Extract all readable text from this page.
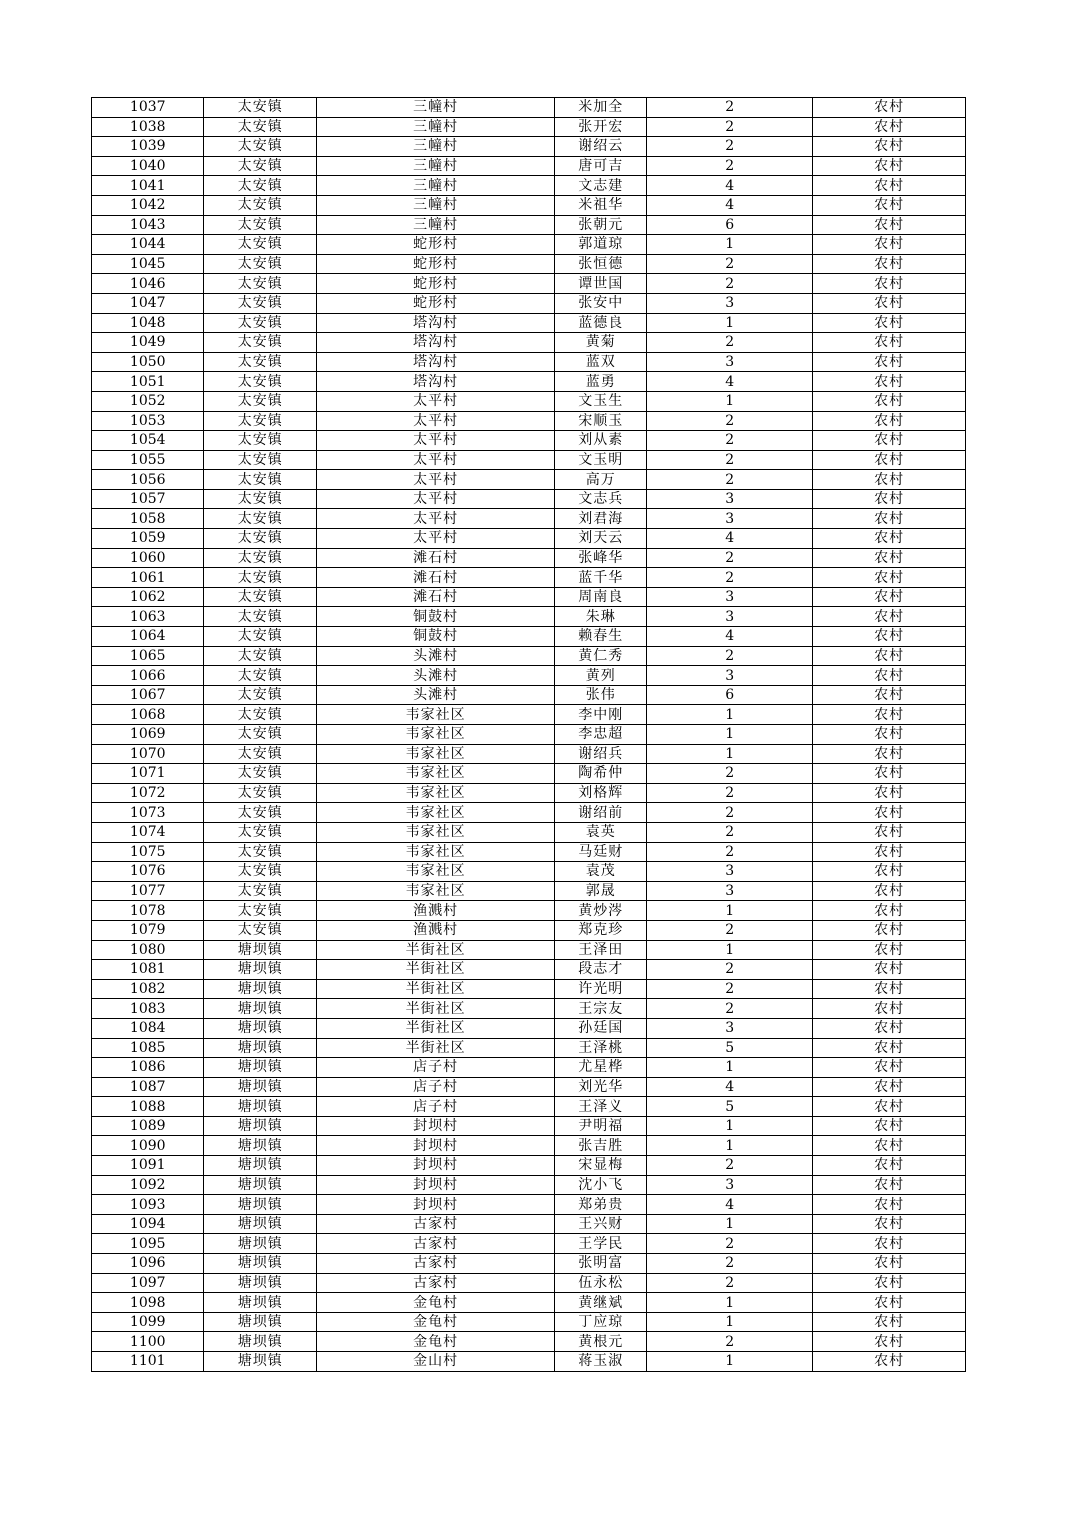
1037	太安镇	三幢村	米加全	2	农村
1038	太安镇	三幢村	张开宏	2	农村
1039	太安镇	三幢村	谢绍云	2	农村
1040	太安镇	三幢村	唐可吉	2	农村
1041	太安镇	三幢村	文志建	4	农村
1042	太安镇	三幢村	米祖华	4	农村
1043	太安镇	三幢村	张朝元	6	农村
1044	太安镇	蛇形村	郭道琼	1	农村
1045	太安镇	蛇形村	张恒德	2	农村
1046	太安镇	蛇形村	谭世国	2	农村
1047	太安镇	蛇形村	张安中	3	农村
1048	太安镇	塔沟村	蓝德良	1	农村
1049	太安镇	塔沟村	黄菊	2	农村
1050	太安镇	塔沟村	蓝双	3	农村
1051	太安镇	塔沟村	蓝勇	4	农村
1052	太安镇	太平村	文玉生	1	农村
1053	太安镇	太平村	宋顺玉	2	农村
1054	太安镇	太平村	刘从素	2	农村
1055	太安镇	太平村	文玉明	2	农村
1056	太安镇	太平村	高万	2	农村
1057	太安镇	太平村	文志兵	3	农村
1058	太安镇	太平村	刘君海	3	农村
1059	太安镇	太平村	刘天云	4	农村
1060	太安镇	滩石村	张峰华	2	农村
1061	太安镇	滩石村	蓝千华	2	农村
1062	太安镇	滩石村	周南良	3	农村
1063	太安镇	铜鼓村	朱琳	3	农村
1064	太安镇	铜鼓村	赖春生	4	农村
1065	太安镇	头滩村	黄仁秀	2	农村
1066	太安镇	头滩村	黄列	3	农村
1067	太安镇	头滩村	张伟	6	农村
1068	太安镇	韦家社区	李中刚	1	农村
1069	太安镇	韦家社区	李忠超	1	农村
1070	太安镇	韦家社区	谢绍兵	1	农村
1071	太安镇	韦家社区	陶希仲	2	农村
1072	太安镇	韦家社区	刘格辉	2	农村
1073	太安镇	韦家社区	谢绍前	2	农村
1074	太安镇	韦家社区	袁英	2	农村
1075	太安镇	韦家社区	马廷财	2	农村
1076	太安镇	韦家社区	袁茂	3	农村
1077	太安镇	韦家社区	郭晟	3	农村
1078	太安镇	渔溅村	黄炒涔	1	农村
1079	太安镇	渔溅村	郑克珍	2	农村
1080	塘坝镇	半街社区	王泽田	1	农村
1081	塘坝镇	半街社区	段志才	2	农村
1082	塘坝镇	半街社区	许光明	2	农村
1083	塘坝镇	半街社区	王宗友	2	农村
1084	塘坝镇	半街社区	孙廷国	3	农村
1085	塘坝镇	半街社区	王泽桃	5	农村
1086	塘坝镇	店子村	尤星桦	1	农村
1087	塘坝镇	店子村	刘光华	4	农村
1088	塘坝镇	店子村	王泽义	5	农村
1089	塘坝镇	封坝村	尹明福	1	农村
1090	塘坝镇	封坝村	张吉胜	1	农村
1091	塘坝镇	封坝村	宋显梅	2	农村
1092	塘坝镇	封坝村	沈小飞	3	农村
1093	塘坝镇	封坝村	郑弟贵	4	农村
1094	塘坝镇	古家村	王兴财	1	农村
1095	塘坝镇	古家村	王学民	2	农村
1096	塘坝镇	古家村	张明富	2	农村
1097	塘坝镇	古家村	伍永松	2	农村
1098	塘坝镇	金龟村	黄继斌	1	农村
1099	塘坝镇	金龟村	丁应琼	1	农村
1100	塘坝镇	金龟村	黄根元	2	农村
1101	塘坝镇	金山村	蒋玉淑	1	农村
